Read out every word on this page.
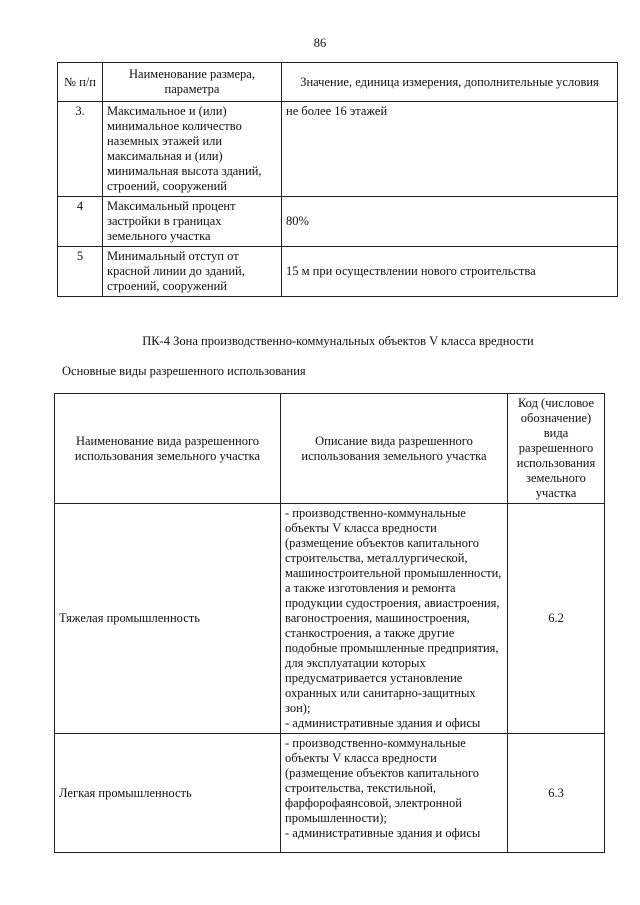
86
№ п/п	Наименование размера, параметра	Значение, единица измерения, дополнительные условия
3.	Максимальное и (или) минимальное количество наземных этажей или максимальная и (или) минимальная высота зданий, строений, сооружений	не более 16 этажей
4	Максимальный процент застройки в границах земельного участка	80%
5	Минимальный отступ от красной линии до зданий, строений, сооружений	15 м при осуществлении нового строительства
ПК-4 Зона производственно-коммунальных объектов V класса вредности
Основные виды разрешенного использования
Наименование вида разрешенного использования земельного участка	Описание вида разрешенного использования земельного участка	Код (числовое обозначение) вида разрешенного использования земельного участка
Тяжелая промышленность	- производственно-коммунальные объекты V класса вредности (размещение объектов капитального строительства, металлургической, машиностроительной промышленности, а также изготовления и ремонта продукции судостроения, авиастроения, вагоностроения, машиностроения, станкостроения, а также другие подобные промышленные предприятия, для эксплуатации которых предусматривается установление охранных или санитарно-защитных зон);
- административные здания и офисы	6.2
Легкая промышленность	- производственно-коммунальные объекты V класса вредности (размещение объектов капитального строительства, текстильной, фарфорофаянсовой, электронной промышленности);
- административные здания и офисы	6.3
